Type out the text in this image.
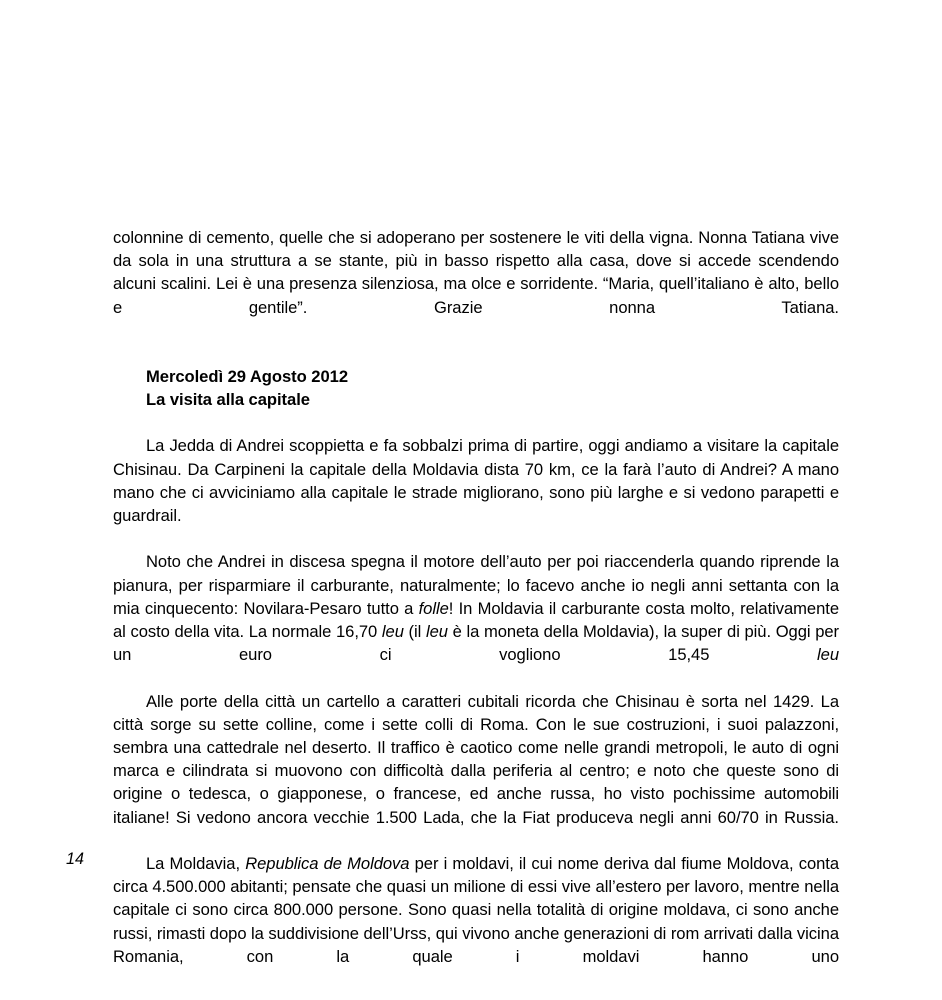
colonnine di cemento, quelle che si adoperano per sostenere le viti della vigna. Nonna Tatiana vive da sola in una struttura a se stante, più in basso rispetto alla casa, dove si accede scendendo alcuni scalini. Lei è una presenza silenziosa, ma olce e sorridente. “Maria, quell’italiano è alto, bello e gentile”. Grazie nonna Tatiana.

Mercoledì 29 Agosto 2012
La visita alla capitale

La Jedda di Andrei scoppietta e fa sobbalzi prima di partire, oggi andiamo a visitare la capitale Chisinau. Da Carpineni la capitale della Moldavia dista 70 km, ce la farà l’auto di Andrei? A mano mano che ci avviciniamo alla capitale le strade migliorano, sono più larghe e si vedono parapetti e guardrail.

Noto che Andrei in discesa spegna il motore dell’auto per poi riaccenderla quando riprende la pianura, per risparmiare il carburante, naturalmente; lo facevo anche io negli anni settanta con la mia cinquecento: Novilara-Pesaro tutto a folle! In Moldavia il carburante costa molto, relativamente al costo della vita. La normale 16,70 leu (il leu è la moneta della Moldavia), la super di più. Oggi per un euro ci vogliono 15,45 leu

Alle porte della città un cartello a caratteri cubitali ricorda che Chisinau è sorta nel 1429. La città sorge su sette colline, come i sette colli di Roma. Con le sue costruzioni, i suoi palazzoni, sembra una cattedrale nel deserto. Il traffico è caotico come nelle grandi metropoli, le auto di ogni marca e cilindrata si muovono con difficoltà dalla periferia al centro; e noto che queste sono di origine o tedesca, o giapponese, o francese, ed anche russa, ho visto pochissime automobili italiane! Si vedono ancora vecchie 1.500 Lada, che la Fiat produceva negli anni 60/70 in Russia.

La Moldavia, Republica de Moldova per i moldavi, il cui nome deriva dal fiume Moldova, conta circa 4.500.000 abitanti; pensate che quasi un milione di essi vive all’estero per lavoro, mentre nella capitale ci sono circa 800.000 persone. Sono quasi nella totalità di origine moldava, ci sono anche russi, rimasti dopo la suddivisione dell’Urss, qui vivono anche generazioni di rom arrivati dalla vicina Romania, con la quale i moldavi hanno uno

14
